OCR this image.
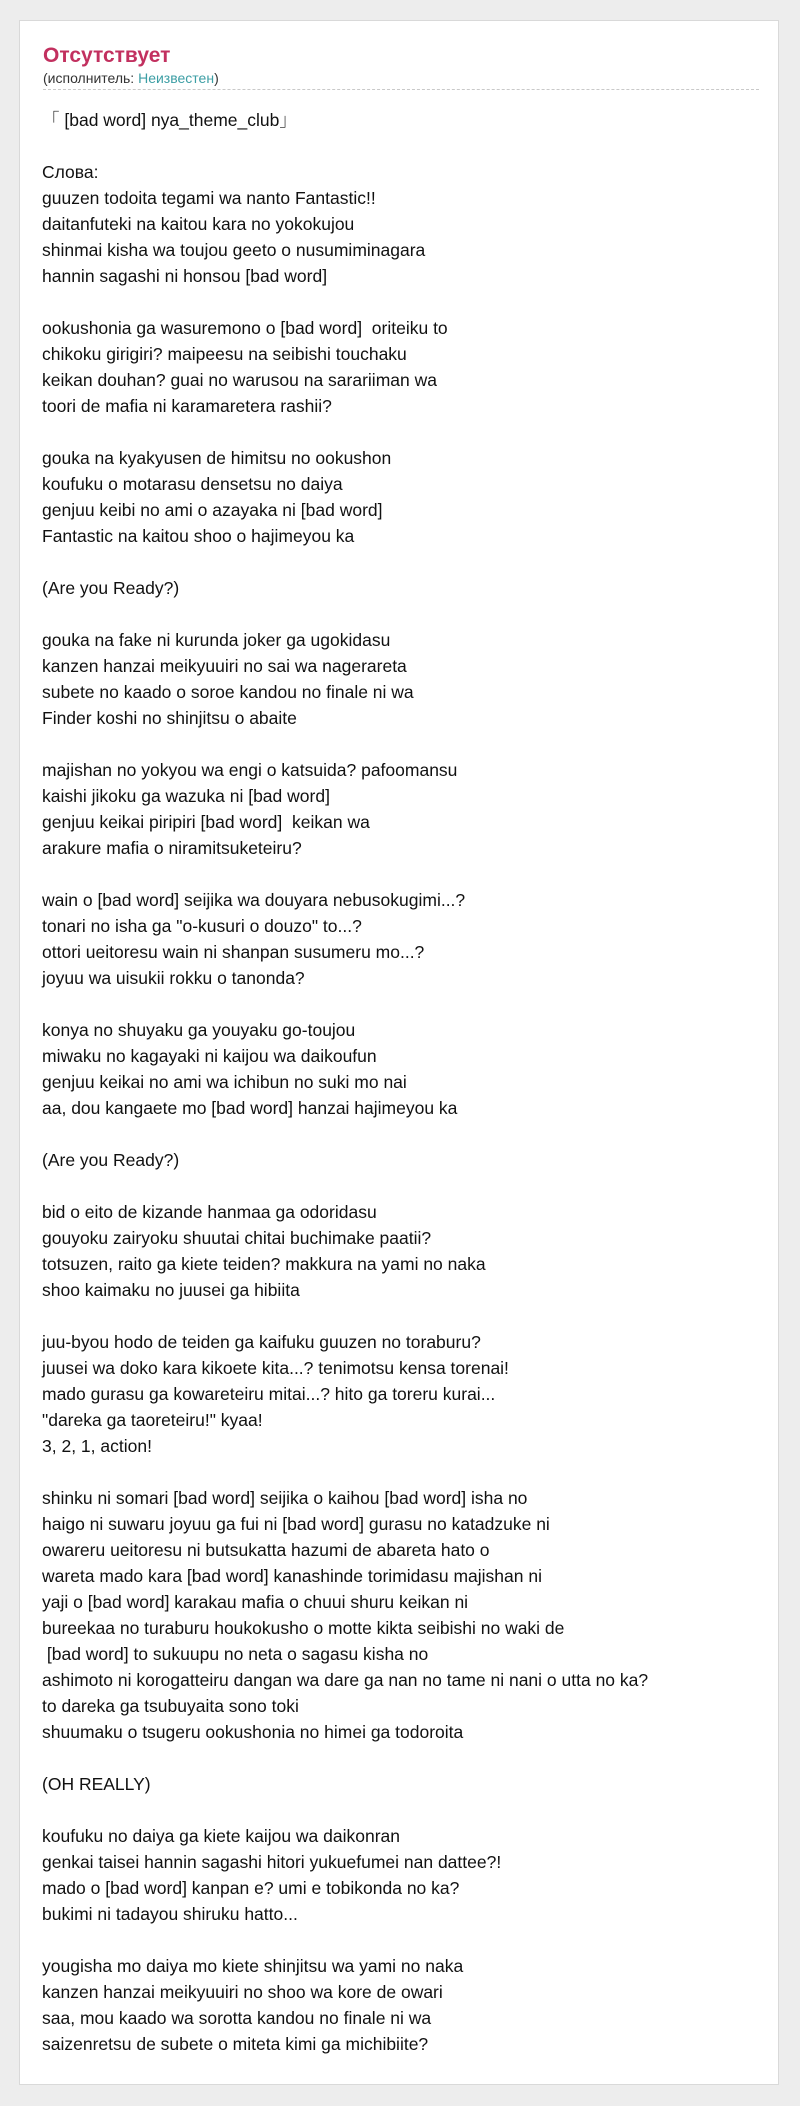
Отсутствует
(исполнитель: Неизвестен)
「 [bad word] nya_theme_club」
Слова:
guuzen todoita tegami wa nanto Fantastic!!
daitanfuteki na kaitou kara no yokokujou
shinmai kisha wa toujou geeto o nusumiminagara
hannin sagashi ni honsou [bad word]
ookushonia ga wasuremono o [bad word]  oriteiku to
chikoku girigiri? maipeesu na seibishi touchaku
keikan douhan? guai no warusou na sarariiman wa
toori de mafia ni karamaretera rashii?
gouka na kyakyusen de himitsu no ookushon
koufuku o motarasu densetsu no daiya
genjuu keibi no ami o azayaka ni [bad word]
Fantastic na kaitou shoo o hajimeyou ka
(Are you Ready?)
gouka na fake ni kurunda joker ga ugokidasu
kanzen hanzai meikyuuiri no sai wa nagerareta
subete no kaado o soroe kandou no finale ni wa
Finder koshi no shinjitsu o abaite
majishan no yokyou wa engi o katsuida? pafoomansu
kaishi jikoku ga wazuka ni [bad word]
genjuu keikai piripiri [bad word]  keikan wa
arakure mafia o niramitsuketeiru?
wain o [bad word] seijika wa douyara nebusokugimi...?
tonari no isha ga "o-kusuri o douzo" to...?
ottori ueitoresu wain ni shanpan susumeru mo...?
joyuu wa uisukii rokku o tanonda?
konya no shuyaku ga youyaku go-toujou
miwaku no kagayaki ni kaijou wa daikoufun
genjuu keikai no ami wa ichibun no suki mo nai
aa, dou kangaete mo [bad word] hanzai hajimeyou ka
(Are you Ready?)
bid o eito de kizande hanmaa ga odoridasu
gouyoku zairyoku shuutai chitai buchimake paatii?
totsuzen, raito ga kiete teiden? makkura na yami no naka
shoo kaimaku no juusei ga hibiita
juu-byou hodo de teiden ga kaifuku guuzen no toraburu?
juusei wa doko kara kikoete kita...? tenimotsu kensa torenai!
mado gurasu ga kowareteiru mitai...? hito ga toreru kurai...
"dareka ga taoreteiru!" kyaa!
3, 2, 1, action!
shinku ni somari [bad word] seijika o kaihou [bad word] isha no
haigo ni suwaru joyuu ga fui ni [bad word] gurasu no katadzuke ni
owareru ueitoresu ni butsukatta hazumi de abareta hato o
wareta mado kara [bad word] kanashinde torimidasu majishan ni
yaji o [bad word] karakau mafia o chuui shuru keikan ni
bureekaa no turaburu houkokusho o motte kikta seibishi no waki de
[bad word] to sukuupu no neta o sagasu kisha no
ashimoto ni korogatteiru dangan wa dare ga nan no tame ni nani o utta no ka?
to dareka ga tsubuyaita sono toki
shuumaku o tsugeru ookushonia no himei ga todoroita
(OH REALLY)
koufuku no daiya ga kiete kaijou wa daikonran
genkai taisei hannin sagashi hitori yukuefumei nan dattee?!
mado o [bad word] kanpan e? umi e tobikonda no ka?
bukimi ni tadayou shiruku hatto...
yougisha mo daiya mo kiete shinjitsu wa yami no naka
kanzen hanzai meikyuuiri no shoo wa kore de owari
saa, mou kaado wa sorotta kandou no finale ni wa
saizenretsu de subete o miteta kimi ga michibiite?
